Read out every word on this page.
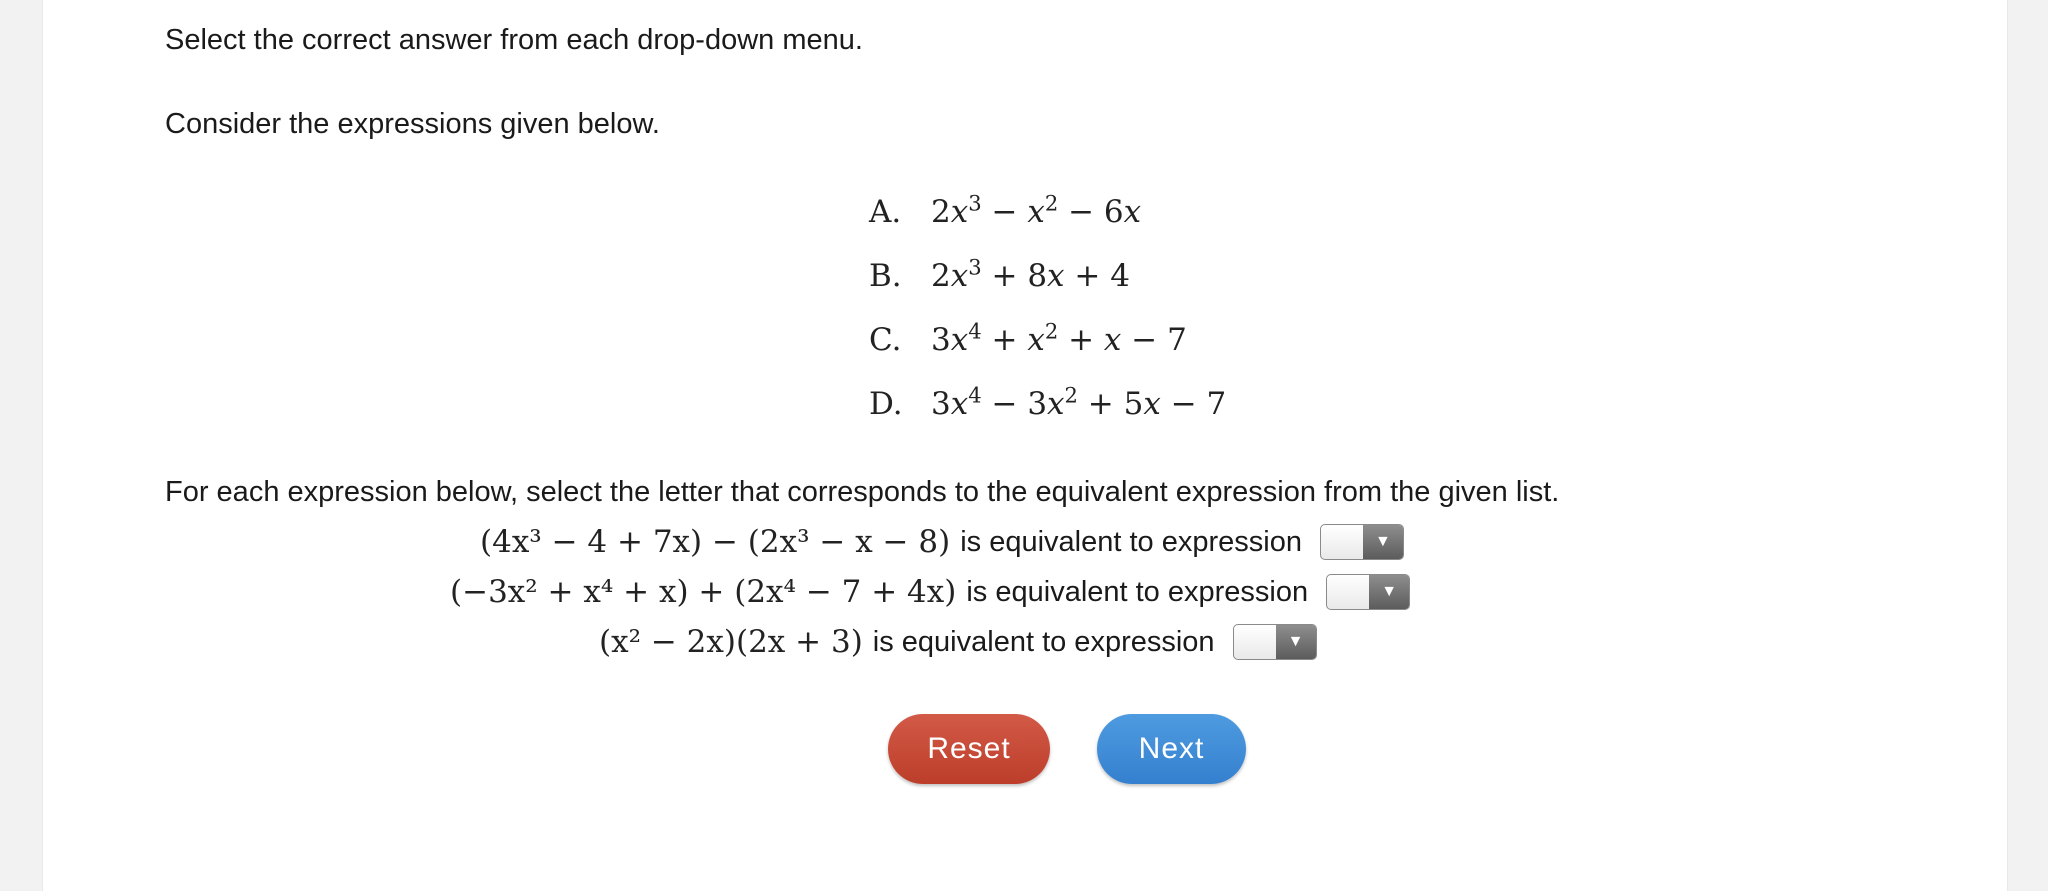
Select the correct answer from each drop-down menu.
Consider the expressions given below.
A. $2x^3 - x^2 - 6x$
B. $2x^3 + 8x + 4$
C. $3x^4 + x^2 + x - 7$
D. $3x^4 - 3x^2 + 5x - 7$
For each expression below, select the letter that corresponds to the equivalent expression from the given list.
(4x³ − 4 + 7x) − (2x³ − x − 8) is equivalent to expression	▼
(−3x² + x⁴ + x) + (2x⁴ − 7 + 4x) is equivalent to expression	▼
(x² − 2x)(2x + 3) is equivalent to expression	▼
Reset	Next
